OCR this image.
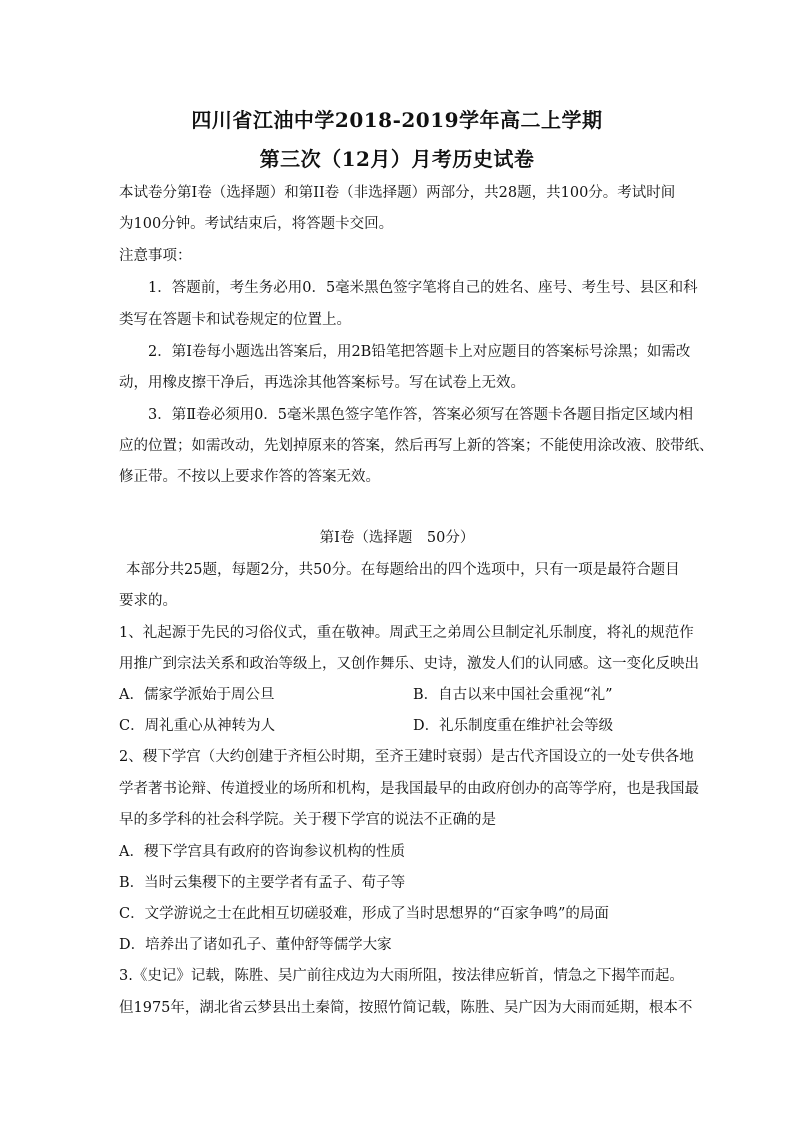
四川省江油中学2018-2019学年高二上学期
第三次（12月）月考历史试卷
本试卷分第Ⅰ卷（选择题）和第II卷（非选择题）两部分，共28题，共100分。考试时间
为100分钟。考试结束后，将答题卡交回。
注意事项：
1．答题前，考生务必用0．5毫米黑色签字笔将自己的姓名、座号、考生号、县区和科
类写在答题卡和试卷规定的位置上。
2．第Ⅰ卷每小题选出答案后，用2B铅笔把答题卡上对应题目的答案标号涂黑；如需改
动，用橡皮擦干净后，再选涂其他答案标号。写在试卷上无效。
3．第Ⅱ卷必须用0．5毫米黑色签字笔作答，答案必须写在答题卡各题目指定区域内相
应的位置；如需改动，先划掉原来的答案，然后再写上新的答案；不能使用涂改液、胶带纸、
修正带。不按以上要求作答的答案无效。
第Ⅰ卷（选择题　50分）
本部分共25题，每题2分，共50分。在每题给出的四个选项中，只有一项是最符合题目
要求的。
1、礼起源于先民的习俗仪式，重在敬神。周武王之弟周公旦制定礼乐制度，将礼的规范作
用推广到宗法关系和政治等级上，又创作舞乐、史诗，激发人们的认同感。这一变化反映出
A．儒家学派始于周公旦	B．自古以来中国社会重视“礼”
C．周礼重心从神转为人	D．礼乐制度重在维护社会等级
2、稷下学宫（大约创建于齐桓公时期，至齐王建时衰弱）是古代齐国设立的一处专供各地
学者著书论辩、传道授业的场所和机构，是我国最早的由政府创办的高等学府，也是我国最
早的多学科的社会科学院。关于稷下学宫的说法不正确的是
A．稷下学宫具有政府的咨询参议机构的性质
B．当时云集稷下的主要学者有孟子、荀子等
C．文学游说之士在此相互切磋驳难，形成了当时思想界的“百家争鸣”的局面
D．培养出了诸如孔子、董仲舒等儒学大家
3.《史记》记载，陈胜、吴广前往戍边为大雨所阻，按法律应斩首，情急之下揭竿而起。
但1975年，湖北省云梦县出土秦简，按照竹简记载，陈胜、吴广因为大雨而延期，根本不
